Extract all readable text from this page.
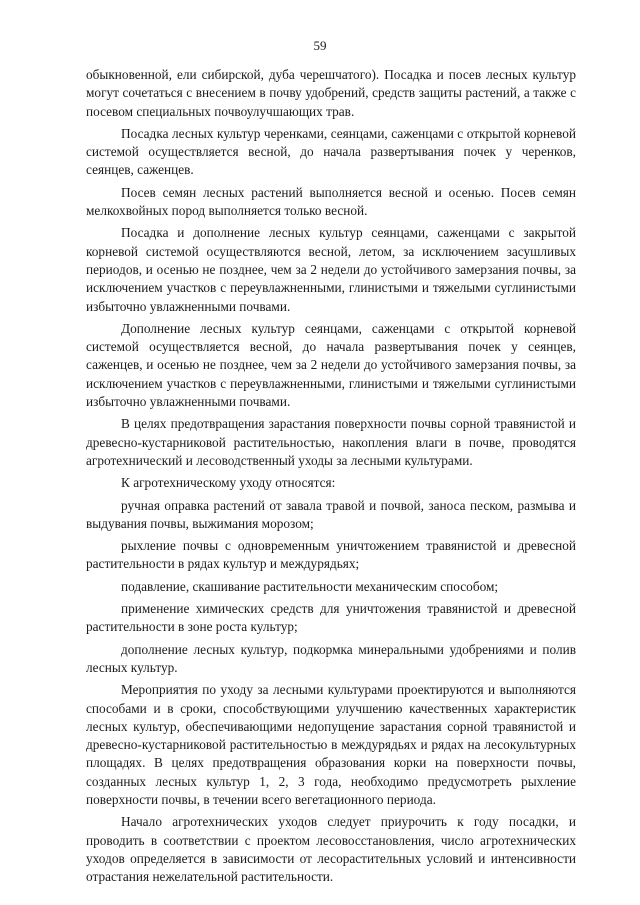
59

обыкновенной, ели сибирской, дуба черешчатого). Посадка и посев лесных культур могут сочетаться с внесением в почву удобрений, средств защиты растений, а также с посевом специальных почвоулучшающих трав.

Посадка лесных культур черенками, сеянцами, саженцами с открытой корневой системой осуществляется весной, до начала развертывания почек у черенков, сеянцев, саженцев.

Посев семян лесных растений выполняется весной и осенью. Посев семян мелкохвойных пород выполняется только весной.

Посадка и дополнение лесных культур сеянцами, саженцами с закрытой корневой системой осуществляются весной, летом, за исключением засушливых периодов, и осенью не позднее, чем за 2 недели до устойчивого замерзания почвы, за исключением участков с переувлажненными, глинистыми и тяжелыми суглинистыми избыточно увлажненными почвами.

Дополнение лесных культур сеянцами, саженцами с открытой корневой системой осуществляется весной, до начала развертывания почек у сеянцев, саженцев, и осенью не позднее, чем за 2 недели до устойчивого замерзания почвы, за исключением участков с переувлажненными, глинистыми и тяжелыми суглинистыми избыточно увлажненными почвами.

В целях предотвращения зарастания поверхности почвы сорной травянистой и древесно-кустарниковой растительностью, накопления влаги в почве, проводятся агротехнический и лесоводственный уходы за лесными культурами.

К агротехническому уходу относятся:

ручная оправка растений от завала травой и почвой, заноса песком, размыва и выдувания почвы, выжимания морозом;

рыхление почвы с одновременным уничтожением травянистой и древесной растительности в рядах культур и междурядьях;

подавление, скашивание растительности механическим способом;

применение химических средств для уничтожения травянистой и древесной растительности в зоне роста культур;

дополнение лесных культур, подкормка минеральными удобрениями и полив лесных культур.

Мероприятия по уходу за лесными культурами проектируются и выполняются способами и в сроки, способствующими улучшению качественных характеристик лесных культур, обеспечивающими недопущение зарастания сорной травянистой и древесно-кустарниковой растительностью в междурядьях и рядах на лесокультурных площадях. В целях предотвращения образования корки на поверхности почвы, созданных лесных культур 1, 2, 3 года, необходимо предусмотреть рыхление поверхности почвы, в течении всего вегетационного периода.

Начало агротехнических уходов следует приурочить к году посадки, и проводить в соответствии с проектом лесовосстановления, число агротехнических уходов определяется в зависимости от лесорастительных условий и интенсивности отрастания нежелательной растительности.
